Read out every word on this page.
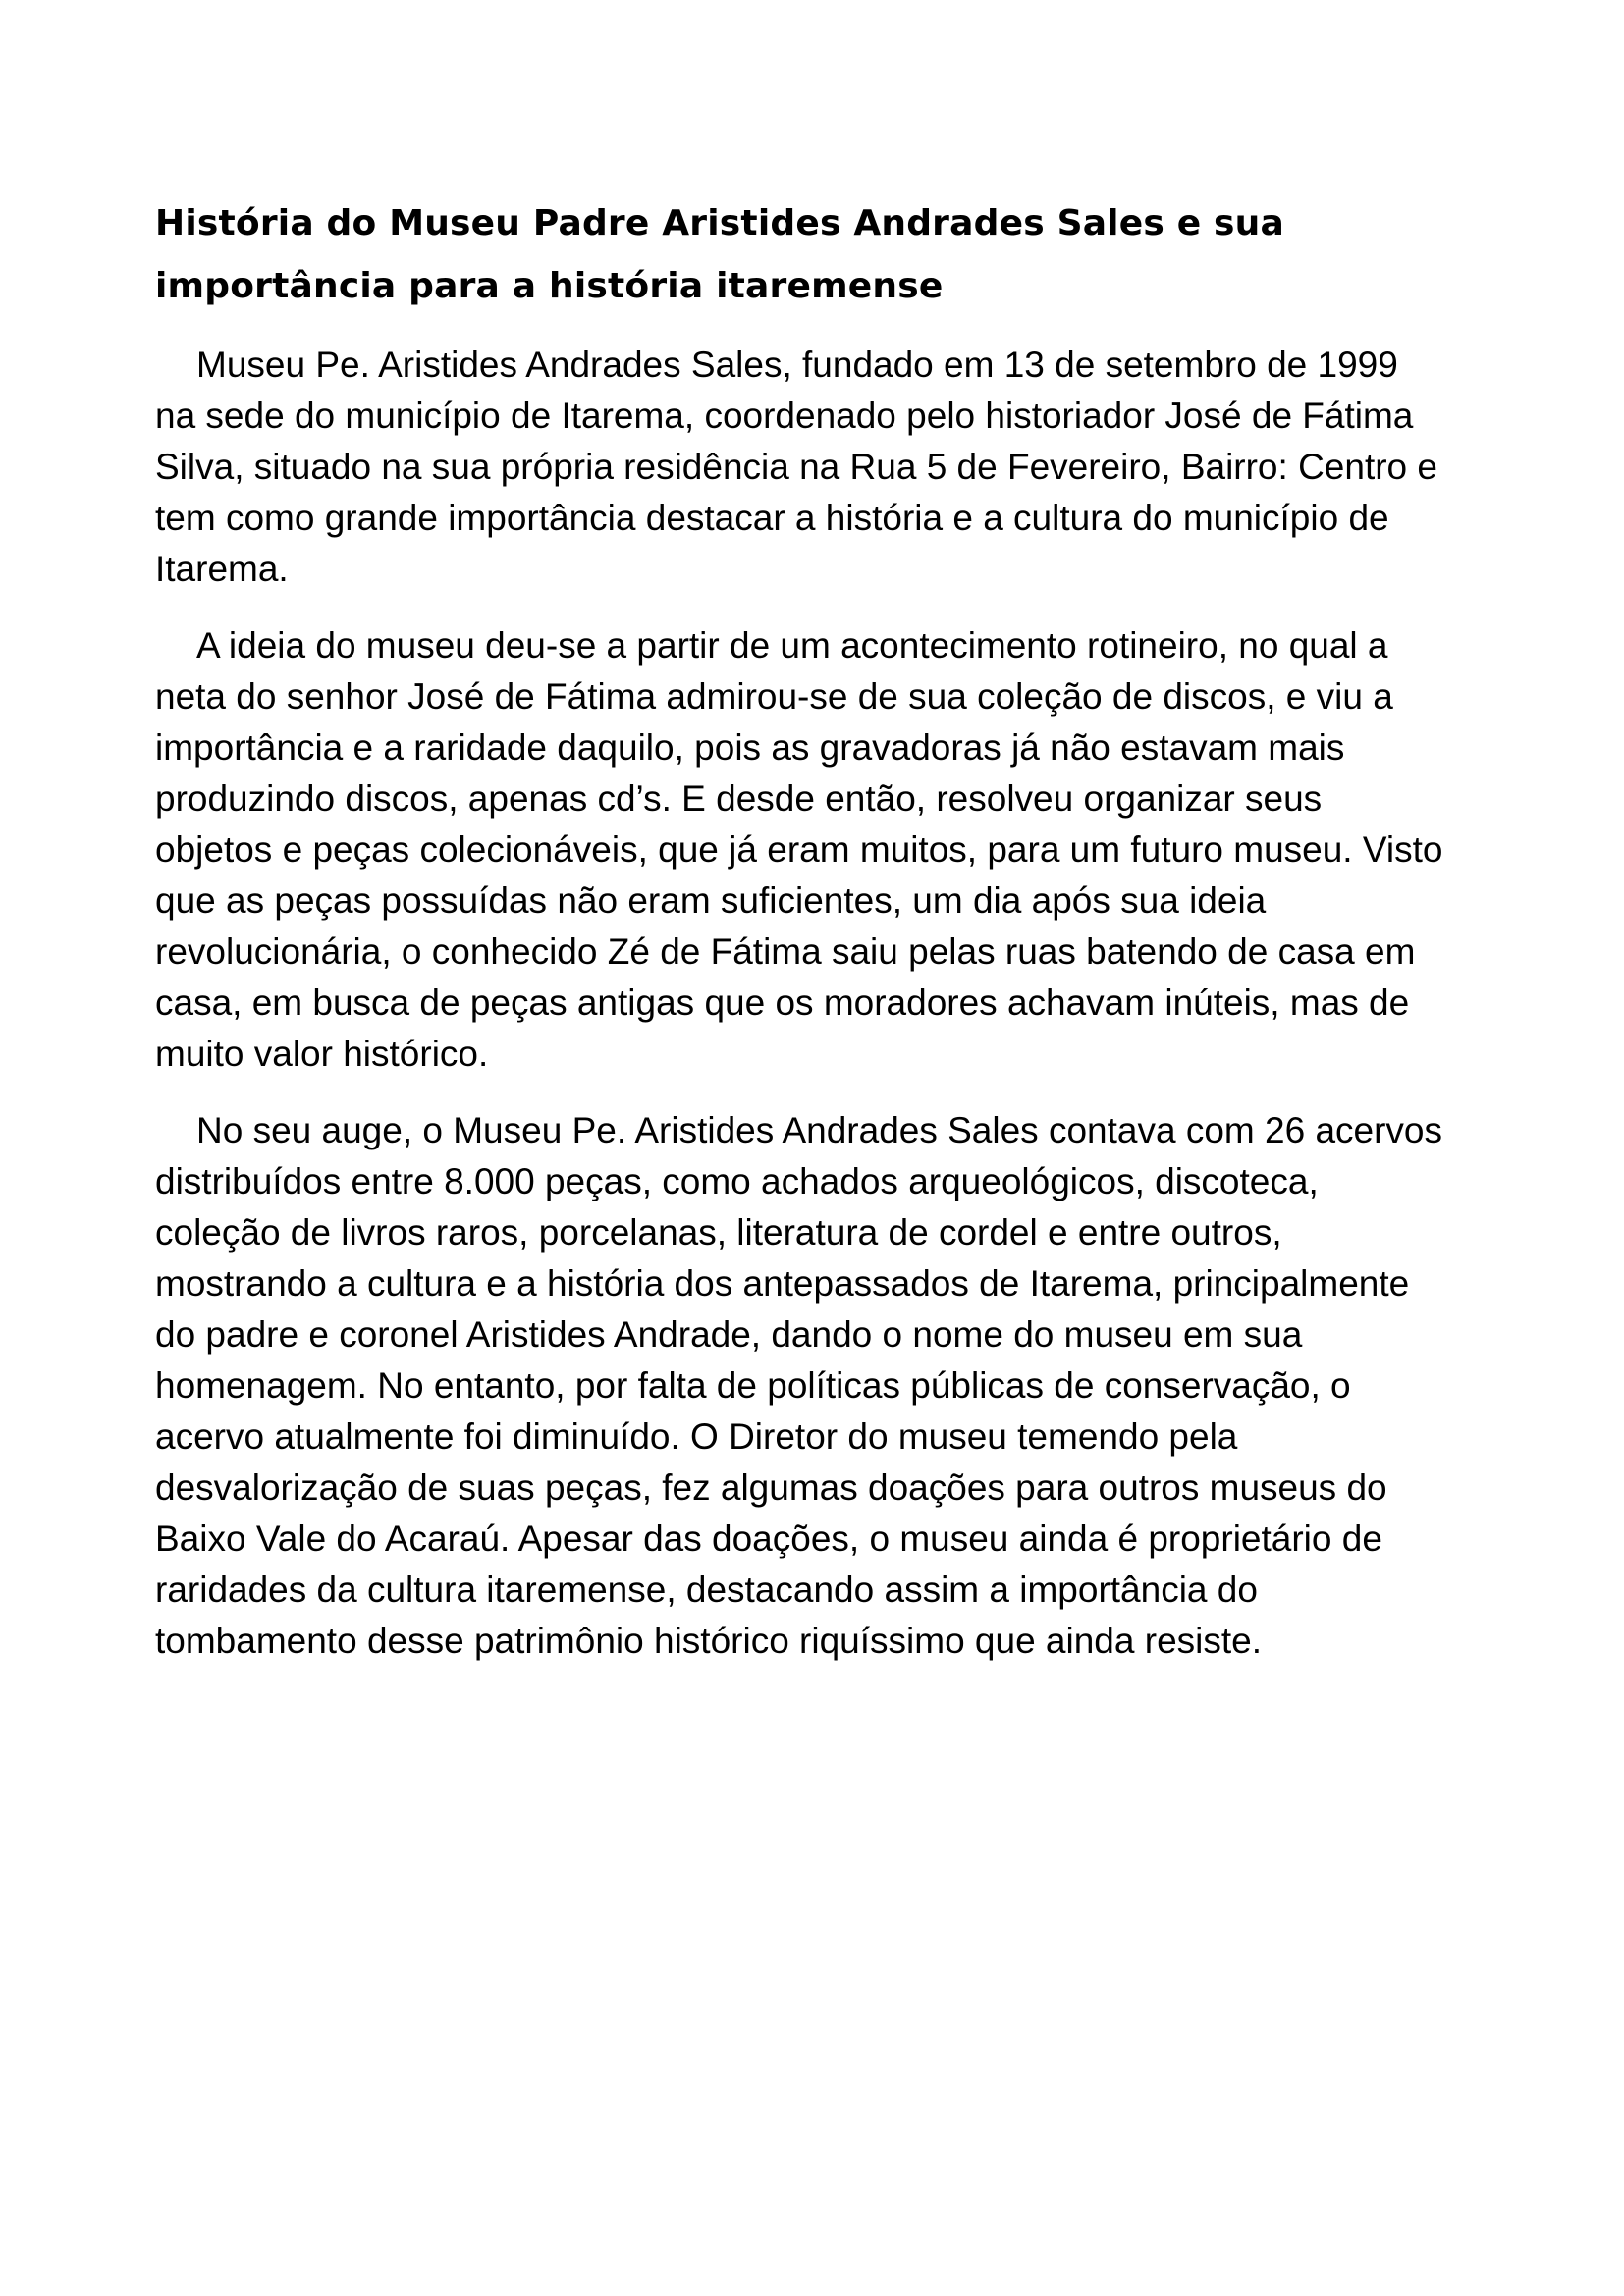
História do Museu Padre Aristides Andrades Sales e sua importância para a história itaremense

Museu Pe. Aristides Andrades Sales, fundado em 13 de setembro de 1999 na sede do município de Itarema, coordenado pelo historiador José de Fátima Silva, situado na sua própria residência na Rua 5 de Fevereiro, Bairro: Centro e tem como grande importância destacar a história e a cultura do município de Itarema.

A ideia do museu deu-se a partir de um acontecimento rotineiro, no qual a neta do senhor José de Fátima admirou-se de sua coleção de discos, e viu a importância e a raridade daquilo, pois as gravadoras já não estavam mais produzindo discos, apenas cd’s. E desde então, resolveu organizar seus objetos e peças colecionáveis, que já eram muitos, para um futuro museu. Visto que as peças possuídas não eram suficientes, um dia após sua ideia revolucionária, o conhecido Zé de Fátima saiu pelas ruas batendo de casa em casa, em busca de peças antigas que os moradores achavam inúteis, mas de muito valor histórico.

No seu auge, o Museu Pe. Aristides Andrades Sales contava com 26 acervos distribuídos entre 8.000 peças, como achados arqueológicos, discoteca, coleção de livros raros, porcelanas, literatura de cordel e entre outros, mostrando a cultura e a história dos antepassados de Itarema, principalmente do padre e coronel Aristides Andrade, dando o nome do museu em sua homenagem. No entanto, por falta de políticas públicas de conservação, o acervo atualmente foi diminuído. O Diretor do museu temendo pela desvalorização de suas peças, fez algumas doações para outros museus do Baixo Vale do Acaraú. Apesar das doações, o museu ainda é proprietário de raridades da cultura itaremense, destacando assim a importância do tombamento desse patrimônio histórico riquíssimo que ainda resiste.
